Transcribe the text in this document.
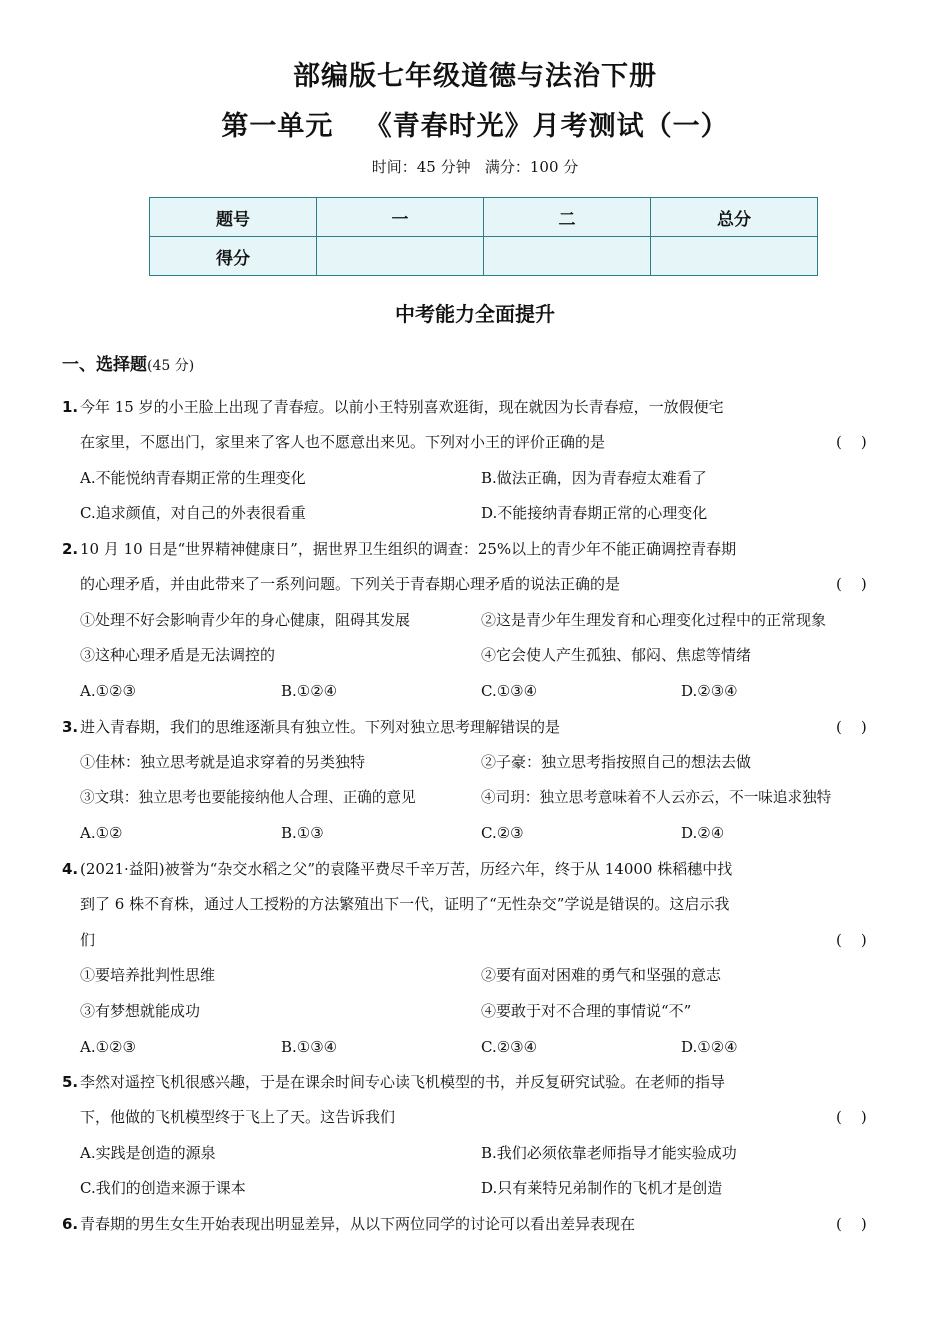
部编版七年级道德与法治下册
第一单元   《青春时光》月考测试（一）
时间：45 分钟   满分：100 分
题号	一	二	总分
得分			
中考能力全面提升
一、选择题(45 分)
1. 今年 15 岁的小王脸上出现了青春痘。以前小王特别喜欢逛街，现在就因为长青春痘，一放假便宅
在家里，不愿出门，家里来了客人也不愿意出来见。下列对小王的评价正确的是	(    )
A.不能悦纳青春期正常的生理变化	B.做法正确，因为青春痘太难看了
C.追求颜值，对自己的外表很看重	D.不能接纳青春期正常的心理变化
2. 10 月 10 日是“世界精神健康日”，据世界卫生组织的调查：25%以上的青少年不能正确调控青春期
的心理矛盾，并由此带来了一系列问题。下列关于青春期心理矛盾的说法正确的是	(    )
①处理不好会影响青少年的身心健康，阻碍其发展	②这是青少年生理发育和心理变化过程中的正常现象
③这种心理矛盾是无法调控的	④它会使人产生孤独、郁闷、焦虑等情绪
A.①②③	B.①②④	C.①③④	D.②③④
3. 进入青春期，我们的思维逐渐具有独立性。下列对独立思考理解错误的是	(    )
①佳林：独立思考就是追求穿着的另类独特	②子豪：独立思考指按照自己的想法去做
③文琪：独立思考也要能接纳他人合理、正确的意见	④司玥：独立思考意味着不人云亦云，不一味追求独特
A.①②	B.①③	C.②③	D.②④
4. (2021·益阳)被誉为“杂交水稻之父”的袁隆平费尽千辛万苦，历经六年，终于从 14000 株稻穗中找
到了 6 株不育株，通过人工授粉的方法繁殖出下一代，证明了“无性杂交”学说是错误的。这启示我
们	(    )
①要培养批判性思维	②要有面对困难的勇气和坚强的意志
③有梦想就能成功	④要敢于对不合理的事情说“不”
A.①②③	B.①③④	C.②③④	D.①②④
5. 李然对遥控飞机很感兴趣，于是在课余时间专心读飞机模型的书，并反复研究试验。在老师的指导
下，他做的飞机模型终于飞上了天。这告诉我们	(    )
A.实践是创造的源泉	B.我们必须依靠老师指导才能实验成功
C.我们的创造来源于课本	D.只有莱特兄弟制作的飞机才是创造
6. 青春期的男生女生开始表现出明显差异，从以下两位同学的讨论可以看出差异表现在	(    )
